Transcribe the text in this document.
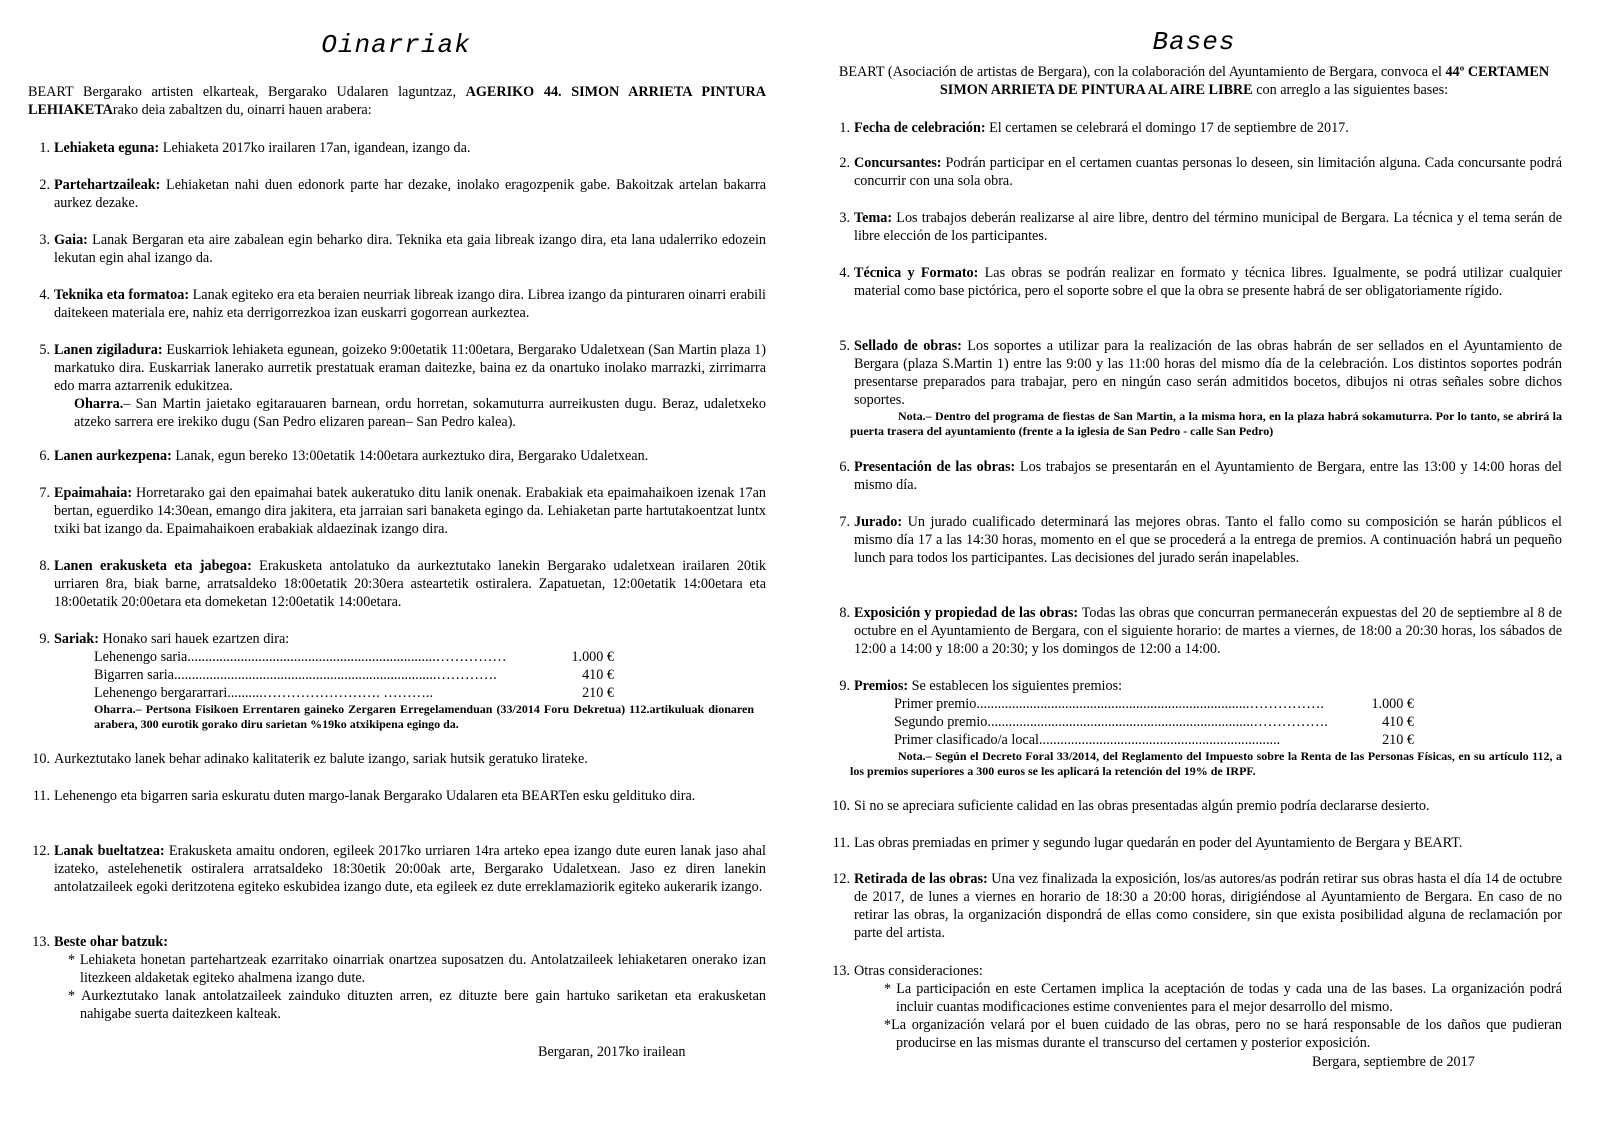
Oinarriak
BEART Bergarako artisten elkarteak, Bergarako Udalaren laguntzaz, AGERIKO 44. SIMON ARRIETA PINTURA LEHIAKETArako deia zabaltzen du, oinarri hauen arabera:
1. Lehiaketa eguna: Lehiaketa 2017ko irailaren 17an, igandean, izango da.
2. Partehartzaileak: Lehiaketan nahi duen edonork parte har dezake, inolako eragozpenik gabe. Bakoitzak artelan bakarra aurkez dezake.
3. Gaia: Lanak Bergaran eta aire zabalean egin beharko dira. Teknika eta gaia libreak izango dira, eta lana udalerriko edozein lekutan egin ahal izango da.
4. Teknika eta formatoa: Lanak egiteko era eta beraien neurriak libreak izango dira. Librea izango da pinturaren oinarri erabili daitekeen materiala ere, nahiz eta derrigorrezkoa izan euskarri gogorrean aurkeztea.
5. Lanen zigiladura: Euskarriok lehiaketa egunean, goizeko 9:00etatik 11:00etara, Bergarako Udaletxean (San Martin plaza 1) markatuko dira. Euskarriak lanerako aurretik prestatuak eraman daitezke, baina ez da onartuko inolako marrazki, zirrimarra edo marra aztarrenik edukitzea.
Oharra.– San Martin jaietako egitarauaren barnean, ordu horretan, sokamuturra aurreikusten dugu. Beraz, udaletxeko atzeko sarrera ere irekiko dugu (San Pedro elizaren parean– San Pedro kalea).
6. Lanen aurkezpena: Lanak, egun bereko 13:00etatik 14:00etara aurkeztuko dira, Bergarako Udaletxean.
7. Epaimahaia: Horretarako gai den epaimahai batek aukeratuko ditu lanik onenak. Erabakiak eta epaimahaikoen izenak 17an bertan, eguerdiko 14:30ean, emango dira jakitera, eta jarraian sari banaketa egingo da. Lehiaketan parte hartutakoentzat luntx txiki bat izango da. Epaimahaikoen erabakiak aldaezinak izango dira.
8. Lanen erakusketa eta jabegoa: Erakusketa antolatuko da aurkeztutako lanekin Bergarako udaletxean irailaren 20tik urriaren 8ra, biak barne, arratsaldeko 18:00etatik 20:30era asteartetik ostiralera. Zapatuetan, 12:00etatik 14:00etara eta 18:00etatik 20:00etara eta domeketan 12:00etatik 14:00etara.
9. Sariak: Honako sari hauek ezartzen dira:
Lehenengo saria ......................................................................……………	1.000 €
Bigarren saria ..........................................................................………….	410 €
Lehenengo bergararrari ..........……………………. ………..	210 €
Oharra.– Pertsona Fisikoen Errentaren gaineko Zergaren Erregelamenduan (33/2014 Foru Dekretua) 112.artikuluak dionaren arabera, 300 eurotik gorako diru sarietan %19ko atxikipena egingo da.
10. Aurkeztutako lanek behar adinako kalitaterik ez balute izango, sariak hutsik geratuko lirateke.
11. Lehenengo eta bigarren saria eskuratu duten margo-lanak Bergarako Udalaren eta BEARTen esku geldituko dira.
12. Lanak bueltatzea: Erakusketa amaitu ondoren, egileek 2017ko urriaren 14ra arteko epea izango dute euren lanak jaso ahal izateko, astelehenetik ostiralera arratsaldeko 18:30etik 20:00ak arte, Bergarako Udaletxean. Jaso ez diren lanekin antolatzaileek egoki deritzotena egiteko eskubidea izango dute, eta egileek ez dute erreklamaziorik egiteko aukerarik izango.
13. Beste ohar batzuk:
* Lehiaketa honetan partehartzeak ezarritako oinarriak onartzea suposatzen du. Antolatzaileek lehiaketaren onerako izan litezkeen aldaketak egiteko ahalmena izango dute.
* Aurkeztutako lanak antolatzaileek zainduko dituzten arren, ez dituzte bere gain hartuko sariketan eta erakusketan nahigabe suerta daitezkeen kalteak.
Bergaran, 2017ko irailean
Bases
BEART (Asociación de artistas de Bergara), con la colaboración del Ayuntamiento de Bergara, convoca el 44º CERTAMEN SIMON ARRIETA DE PINTURA AL AIRE LIBRE con arreglo a las siguientes bases:
1. Fecha de celebración: El certamen se celebrará el domingo 17 de septiembre de 2017.
2. Concursantes: Podrán participar en el certamen cuantas personas lo deseen, sin limitación alguna. Cada concursante podrá concurrir con una sola obra.
3. Tema: Los trabajos deberán realizarse al aire libre, dentro del término municipal de Bergara. La técnica y el tema serán de libre elección de los participantes.
4. Técnica y Formato: Las obras se podrán realizar en formato y técnica libres. Igualmente, se podrá utilizar cualquier material como base pictórica, pero el soporte sobre el que la obra se presente habrá de ser obligatoriamente rígido.
5. Sellado de obras: Los soportes a utilizar para la realización de las obras habrán de ser sellados en el Ayuntamiento de Bergara (plaza S.Martin 1) entre las 9:00 y las 11:00 horas del mismo día de la celebración. Los distintos soportes podrán presentarse preparados para trabajar, pero en ningún caso serán admitidos bocetos, dibujos ni otras señales sobre dichos soportes.
Nota.– Dentro del programa de fiestas de San Martin, a la misma hora, en la plaza habrá sokamuturra. Por lo tanto, se abrirá la puerta trasera del ayuntamiento (frente a la iglesia de San Pedro - calle San Pedro)
6. Presentación de las obras: Los trabajos se presentarán en el Ayuntamiento de Bergara, entre las 13:00 y 14:00 horas del mismo día.
7. Jurado: Un jurado cualificado determinará las mejores obras. Tanto el fallo como su composición se harán públicos el mismo día 17 a las 14:30 horas, momento en el que se procederá a la entrega de premios. A continuación habrá un pequeño lunch para todos los participantes. Las decisiones del jurado serán inapelables.
8. Exposición y propiedad de las obras: Todas las obras que concurran permanecerán expuestas del 20 de septiembre al 8 de octubre en el Ayuntamiento de Bergara, con el siguiente horario: de martes a viernes, de 18:00 a 20:30 horas, los sábados de 12:00 a 14:00 y 18:00 a 20:30; y los domingos de 12:00 a 14:00.
9. Premios: Se establecen los siguientes premios:
Primer premio .............................................................................…………….	1.000 €
Segundo premio ...........................................................................…………….	410 €
Primer clasificado/a local ....................................................................	210 €
Nota.– Según el Decreto Foral 33/2014, del Reglamento del Impuesto sobre la Renta de las Personas Físicas, en su artículo 112, a los premios superiores a 300 euros se les aplicará la retención del 19% de IRPF.
10. Si no se apreciara suficiente calidad en las obras presentadas algún premio podría declararse desierto.
11. Las obras premiadas en primer y segundo lugar quedarán en poder del Ayuntamiento de Bergara y BEART.
12. Retirada de las obras: Una vez finalizada la exposición, los/as autores/as podrán retirar sus obras hasta el día 14 de octubre de 2017, de lunes a viernes en horario de 18:30 a 20:00 horas, dirigiéndose al Ayuntamiento de Bergara. En caso de no retirar las obras, la organización dispondrá de ellas como considere, sin que exista posibilidad alguna de reclamación por parte del artista.
13. Otras consideraciones:
* La participación en este Certamen implica la aceptación de todas y cada una de las bases. La organización podrá incluir cuantas modificaciones estime convenientes para el mejor desarrollo del mismo.
*La organización velará por el buen cuidado de las obras, pero no se hará responsable de los daños que pudieran producirse en las mismas durante el transcurso del certamen y posterior exposición.
Bergara, septiembre de 2017
